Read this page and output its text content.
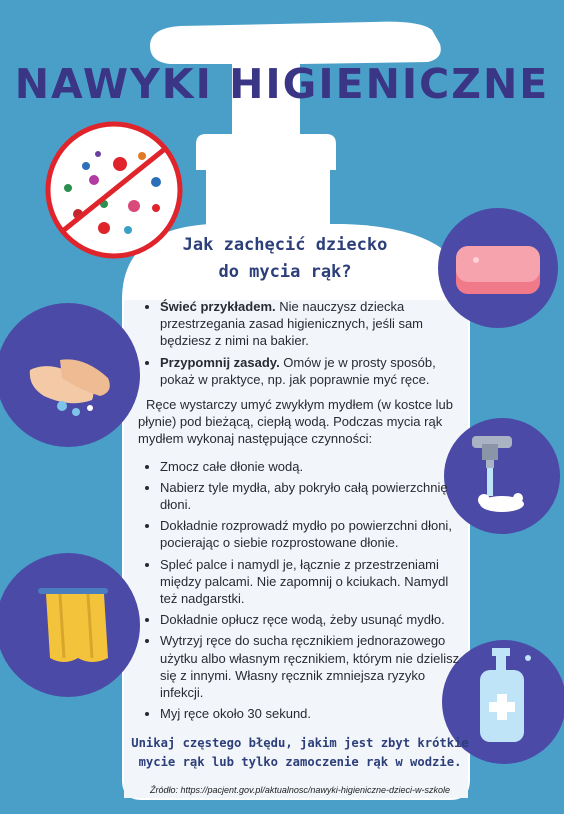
NAWYKI HIGIENICZNE
Jak zachęcić dziecko
do mycia rąk?
• Świeć przykładem. Nie nauczysz dziecka przestrzegania zasad higienicznych, jeśli sam będziesz z nimi na bakier.
• Przypomnij zasady. Omów je w prosty sposób, pokaż w praktyce, np. jak poprawnie myć ręce.

Ręce wystarczy umyć zwykłym mydłem (w kostce lub płynie) pod bieżącą, ciepłą wodą. Podczas mycia rąk mydłem wykonaj następujące czynności:

• Zmocz całe dłonie wodą.
• Nabierz tyle mydła, aby pokryło całą powierzchnię dłoni.
• Dokładnie rozprowadź mydło po powierzchni dłoni, pocierając o siebie rozprostowane dłonie.
• Spleć palce i namydl je, łącznie z przestrzeniami między palcami. Nie zapomnij o kciukach. Namydl też nadgarstki.
• Dokładnie opłucz ręce wodą, żeby usunąć mydło.
• Wytrzyj ręce do sucha ręcznikiem jednorazowego użytku albo własnym ręcznikiem, którym nie dzielisz się z innymi. Własny ręcznik zmniejsza ryzyko infekcji.
• Myj ręce około 30 sekund.
Unikaj częstego błędu, jakim jest zbyt krótkie mycie rąk lub tylko zamoczenie rąk w wodzie.
Źródło: https://pacjent.gov.pl/aktualnosc/nawyki-higieniczne-dzieci-w-szkole
